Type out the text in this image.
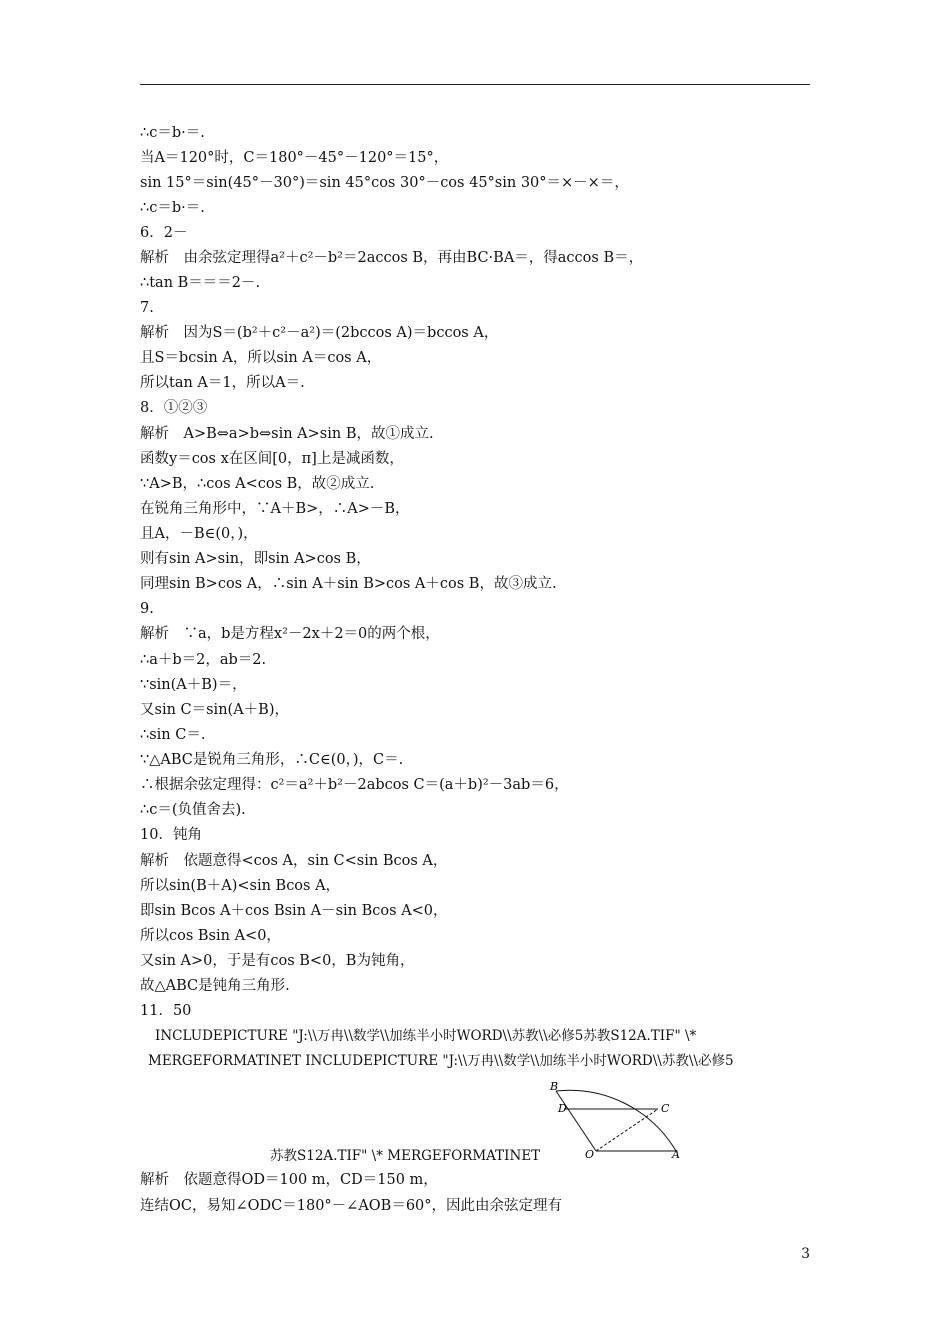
∴c＝b·＝.
当A＝120°时，C＝180°－45°－120°＝15°，
sin 15°＝sin(45°－30°)＝sin 45°cos 30°－cos 45°sin 30°＝×－×＝，
∴c＝b·＝.
6．2－
解析　由余弦定理得a²＋c²－b²＝2accos B，再由BC·BA＝，得accos B＝，
∴tan B＝＝＝2－.
7.
解析　因为S＝(b²＋c²－a²)＝(2bccos A)＝bccos A，
且S＝bcsin A，所以sin A＝cos A，
所以tan A＝1，所以A＝.
8．①②③
解析　A>B⇔a>b⇔sin A>sin B，故①成立.
函数y＝cos x在区间[0，π]上是减函数，
∵A>B，∴cos A<cos B，故②成立.
在锐角三角形中，∵A＋B>，∴A>－B，
且A，－B∈(0，)，
则有sin A>sin，即sin A>cos B，
同理sin B>cos A，∴sin A＋sin B>cos A＋cos B，故③成立.
9.
解析　∵a，b是方程x²－2x＋2＝0的两个根，
∴a＋b＝2，ab＝2.
∵sin(A＋B)＝，
又sin C＝sin(A＋B)，
∴sin C＝.
∵△ABC是锐角三角形，∴C∈(0，)，C＝.
∴根据余弦定理得：c²＝a²＋b²－2abcos C＝(a＋b)²－3ab＝6，
∴c＝(负值舍去).
10．钝角
解析　依题意得<cos A，sin C<sin Bcos A，
所以sin(B＋A)<sin Bcos A，
即sin Bcos A＋cos Bsin A－sin Bcos A<0，
所以cos Bsin A<0，
又sin A>0，于是有cos B<0，B为钝角，
故△ABC是钝角三角形.
11．50
INCLUDEPICTURE "J:\\万冉\\数学\\加练半小时WORD\\苏教\\必修5苏教S12A.TIF" \*
MERGEFORMATINET INCLUDEPICTURE "J:\\万冉\\数学\\加练半小时WORD\\苏教\\必修5
苏教S12A.TIF" \* MERGEFORMATINET
B
D	C
O	A
解析　依题意得OD＝100 m，CD＝150 m，
连结OC，易知∠ODC＝180°－∠AOB＝60°，因此由余弦定理有
3
